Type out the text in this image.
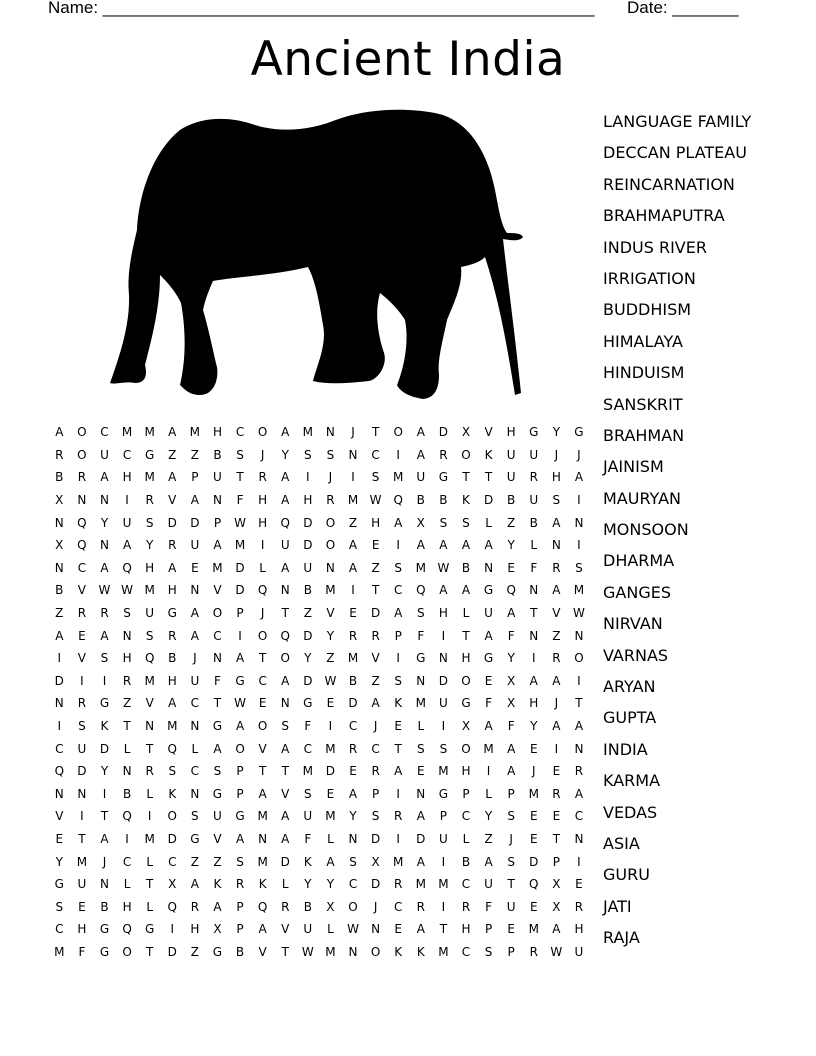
Name: ____________________________________________________ Date: _______
Ancient India
A	O	C	M	M	A	M	H	C	O	A	M	N	J	T	O	A	D	X	V	H	G	Y	G
R	O	U	C	G	Z	Z	B	S	J	Y	S	S	N	C	I	A	R	O	K	U	U	J	J
B	R	A	H	M	A	P	U	T	R	A	I	J	I	S	M	U	G	T	T	U	R	H	A
X	N	N	I	R	V	A	N	F	H	A	H	R	M W Q	B	B	K	D	B	U	S	I
N	Q	Y	U	S	D	D	P	W	H	Q	D	O	Z	H	A	X	S	S	L	Z	B	A	N
X	Q	N	A	Y	R	U	A	M	I	U	D	O	A	E	I	A	A	A	A	Y	L	N	I
N	C	A	Q	H	A	E	M	D	L	A	U	N	A	Z	S	M W	B	N	E	F	R	S
B	V	W W M	H	N	V	D	Q	N	B	M	I	T	C	Q	A	A	G	Q	N	A	M
Z	R	R	S	U	G	A	O	P	J	T	Z	V	E	D	A	S	H	L	U	A	T	V	W
A	E	A	N	S	R	A	C	I	O	Q	D	Y	R	R	P	F	I	T	A	F	N	Z	N
I	V	S	H	Q	B	J	N	A	T	O	Y	Z	M	V	I	G	N	H	G	Y	I	R	O
D	I	I	R	M	H	U	F	G	C	A	D	W	B	Z	S	N	D	O	E	X	A	A	I
N	R	G	Z	V	A	C	T	W	E	N	G	E	D	A	K	M	U	G	F	X	H	J	T
I	S	K	T	N	M	N	G	A	O	S	F	I	C	J	E	L	I	X	A	F	Y	A	A
C	U	D	L	T	Q	L	A	O	V	A	C	M	R	C	T	S	S	O	M	A	E	I	N
Q	D	Y	N	R	S	C	S	P	T	T	M	D	E	R	A	E	M	H	I	A	J	E	R
N	N	I	B	L	K	N	G	P	A	V	S	E	A	P	I	N	G	P	L	P	M	R	A
V	I	T	Q	I	O	S	U	G	M	A	U	M	Y	S	R	A	P	C	Y	S	E	E	C
E	T	A	I	M	D	G	V	A	N	A	F	L	N	D	I	D	U	L	Z	J	E	T	N
Y	M	J	C	L	C	Z	Z	S	M	D	K	A	S	X	M	A	I	B	A	S	D	P	I
G	U	N	L	T	X	A	K	R	K	L	Y	Y	C	D	R	M	M	C	U	T	Q	X	E
S	E	B	H	L	Q	R	A	P	Q	R	B	X	O	J	C	R	I	R	F	U	E	X	R
C	H	G	Q	G	I	H	X	P	A	V	U	L	W	N	E	A	T	H	P	E	M	A	H
M	F	G	O	T	D	Z	G	B	V	T	W M	N	O	K	K	M	C	S	P	R	W	U
LANGUAGE FAMILY
DECCAN PLATEAU
REINCARNATION
BRAHMAPUTRA
INDUS RIVER
IRRIGATION
BUDDHISM
HIMALAYA
HINDUISM
SANSKRIT
BRAHMAN
JAINISM
MAURYAN
MONSOON
DHARMA
GANGES
NIRVAN
VARNAS
ARYAN
GUPTA
INDIA
KARMA
VEDAS
ASIA
GURU
JATI
RAJA
